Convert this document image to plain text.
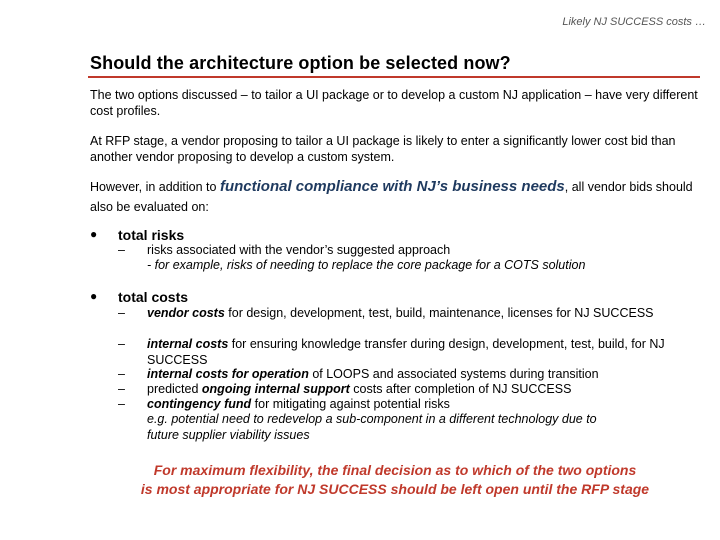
Likely NJ SUCCESS costs …
Should the architecture option be selected now?
The two options discussed – to tailor a UI package or to develop a custom NJ application – have very different cost profiles.
At RFP stage, a vendor proposing to tailor a UI package is likely to enter a significantly lower cost bid than another vendor proposing to develop a custom system.
However, in addition to functional compliance with NJ’s business needs, all vendor bids should also be evaluated on:
● total risks
– risks associated with the vendor’s suggested approach
- for example, risks of needing to replace the core package for a COTS solution
● total costs
– vendor costs for design, development, test, build, maintenance, licenses for NJ SUCCESS
– internal costs for ensuring knowledge transfer during design, development, test, build, for NJ SUCCESS
– internal costs for operation of LOOPS and associated systems during transition
– predicted ongoing internal support costs after completion of NJ SUCCESS
– contingency fund for mitigating against potential risks
e.g. potential need to redevelop a sub-component in a different technology due to
future supplier viability issues
For maximum flexibility, the final decision as to which of the two options
is most appropriate for NJ SUCCESS should be left open until the RFP stage
